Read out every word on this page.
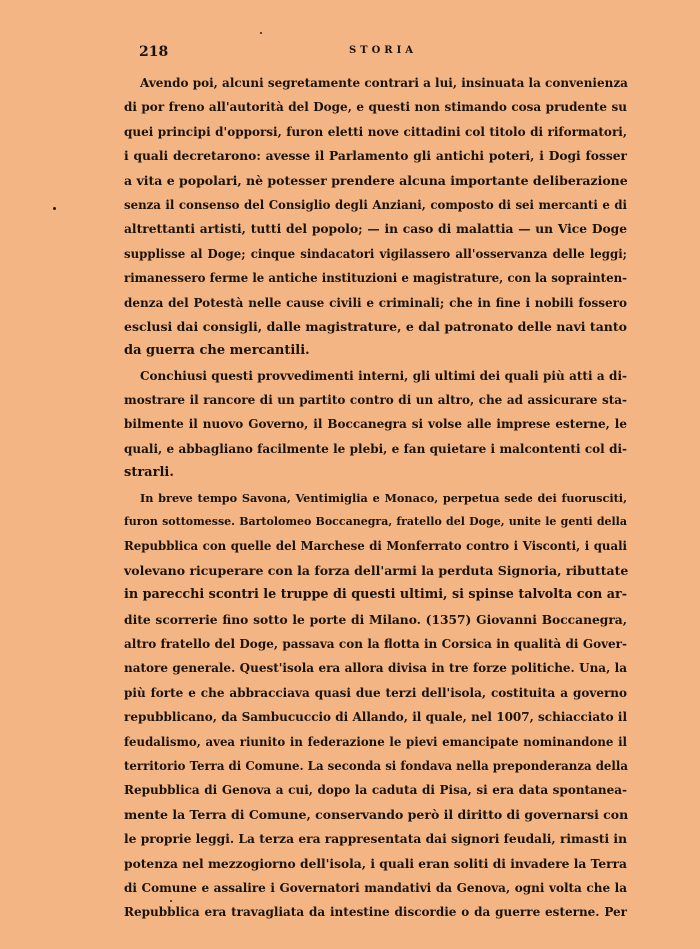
218	STORIA
Avendo poi, alcuni segretamente contrari a lui, insinuata la convenienza
di por freno all'autorità del Doge, e questi non stimando cosa prudente su
quei principi d'opporsi, furon eletti nove cittadini col titolo di riformatori,
i quali decretarono: avesse il Parlamento gli antichi poteri, i Dogi fosser
a vita e popolari, nè potesser prendere alcuna importante deliberazione
senza il consenso del Consiglio degli Anziani, composto di sei mercanti e di
altrettanti artisti, tutti del popolo; — in caso di malattia — un Vice Doge
supplisse al Doge; cinque sindacatori vigilassero all'osservanza delle leggi;
rimanessero ferme le antiche instituzioni e magistrature, con la soprainten-
denza del Potestà nelle cause civili e criminali; che in fine i nobili fossero
esclusi dai consigli, dalle magistrature, e dal patronato delle navi tanto
da guerra che mercantili.
Conchiusi questi provvedimenti interni, gli ultimi dei quali più atti a di-
mostrare il rancore di un partito contro di un altro, che ad assicurare sta-
bilmente il nuovo Governo, il Boccanegra si volse alle imprese esterne, le
quali, e abbagliano facilmente le plebi, e fan quietare i malcontenti col di-
strarli.
In breve tempo Savona, Ventimiglia e Monaco, perpetua sede dei fuorusciti,
furon sottomesse. Bartolomeo Boccanegra, fratello del Doge, unite le genti della
Repubblica con quelle del Marchese di Monferrato contro i Visconti, i quali
volevano ricuperare con la forza dell'armi la perduta Signoria, ributtate
in parecchi scontri le truppe di questi ultimi, si spinse talvolta con ar-
dite scorrerie fino sotto le porte di Milano. (1357) Giovanni Boccanegra,
altro fratello del Doge, passava con la flotta in Corsica in qualità di Gover-
natore generale. Quest'isola era allora divisa in tre forze politiche. Una, la
più forte e che abbracciava quasi due terzi dell'isola, costituita a governo
repubblicano, da Sambucuccio di Allando, il quale, nel 1007, schiacciato il
feudalismo, avea riunito in federazione le pievi emancipate nominandone il
territorio Terra di Comune. La seconda si fondava nella preponderanza della
Repubblica di Genova a cui, dopo la caduta di Pisa, si era data spontanea-
mente la Terra di Comune, conservando però il diritto di governarsi con
le proprie leggi. La terza era rappresentata dai signori feudali, rimasti in
potenza nel mezzogiorno dell'isola, i quali eran soliti di invadere la Terra
di Comune e assalire i Governatori mandativi da Genova, ogni volta che la
Repubblica era travagliata da intestine discordie o da guerre esterne. Per
